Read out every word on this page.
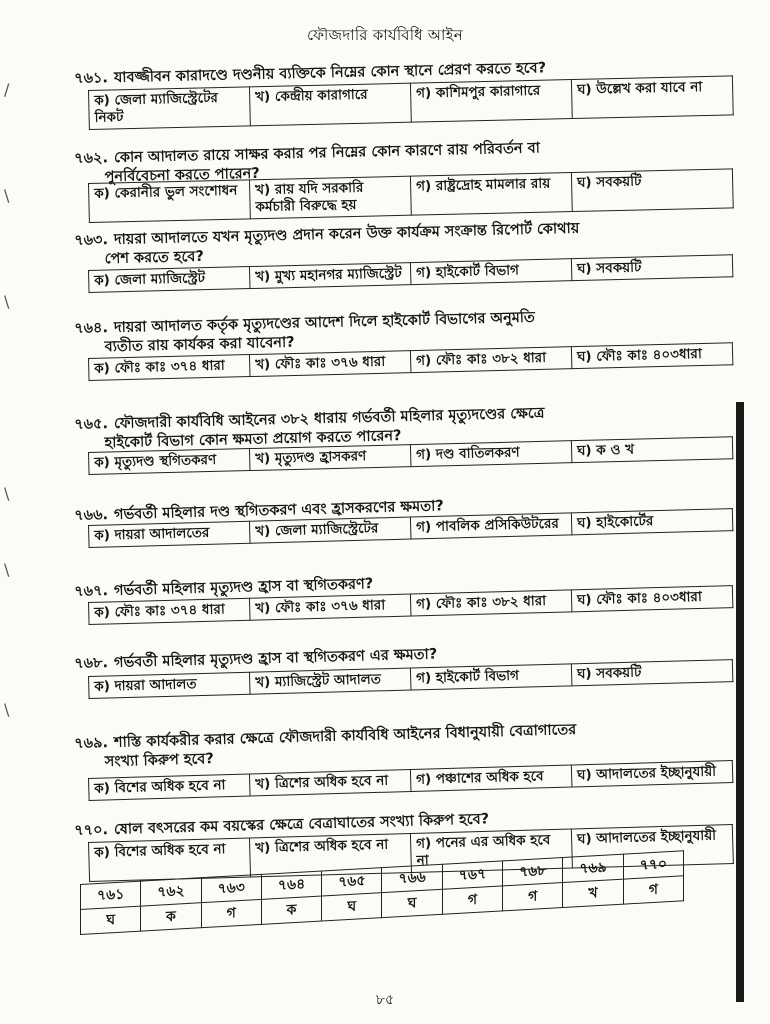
ফৌজদারি কার্যবিধি আইন
/
\
\
\
\
\
৭৬১. যাবজ্জীবন কারাদণ্ডে দণ্ডনীয় ব্যক্তিকে নিম্নের কোন স্থানে প্রেরণ করতে হবে?
ক) জেলা ম্যাজিস্ট্রেটের নিকট	খ) কেন্দ্রীয় কারাগারে	গ) কাশিমপুর কারাগারে	ঘ) উল্লেখ করা যাবে না
৭৬২. কোন আদালত রায়ে সাক্ষর করার পর নিম্নের কোন কারণে রায় পরিবর্তন বা
পুনর্বিবেচনা করতে পারেন?
ক) কেরানীর ভুল সংশোধন	খ) রায় যদি সরকারি কর্মচারী বিরুদ্ধে হয়	গ) রাষ্ট্রদ্রোহ মামলার রায়	ঘ) সবকয়টি
৭৬৩. দায়রা আদালতে যখন মৃত্যুদণ্ড প্রদান করেন উক্ত কার্যক্রম সংক্রান্ত রিপোর্ট কোথায়
পেশ করতে হবে?
ক) জেলা ম্যাজিস্ট্রেট	খ) মুখ্য মহানগর ম্যাজিস্ট্রেট	গ) হাইকোর্ট বিভাগ	ঘ) সবকয়টি
৭৬৪. দায়রা আদালত কর্তৃক মৃত্যুদণ্ডের আদেশ দিলে হাইকোর্ট বিভাগের অনুমতি
ব্যতীত রায় কার্যকর করা যাবেনা?
ক) ফৌঃ কাঃ ৩৭৪ ধারা	খ) ফৌঃ কাঃ ৩৭৬ ধারা	গ) ফৌঃ কাঃ ৩৮২ ধারা	ঘ) ফৌঃ কাঃ ৪০৩ধারা
৭৬৫. ফৌজদারী কার্যবিধি আইনের ৩৮২ ধারায় গর্ভবর্তী মহিলার মৃত্যুদণ্ডের ক্ষেত্রে
হাইকোর্ট বিভাগ কোন ক্ষমতা প্রয়োগ করতে পারেন?
ক) মৃত্যুদণ্ড স্থগিতকরণ	খ) মৃত্যুদণ্ড হ্রাসকরণ	গ) দণ্ড বাতিলকরণ	ঘ) ক ও খ
৭৬৬. গর্ভবর্তী মহিলার দণ্ড স্থগিতকরণ এবং হ্রাসকরণের ক্ষমতা?
ক) দায়রা আদালতের	খ) জেলা ম্যাজিস্ট্রেটের	গ) পাবলিক প্রসিকিউটরের	ঘ) হাইকোর্টের
৭৬৭. গর্ভবর্তী মহিলার মৃত্যুদণ্ড হ্রাস বা স্থগিতকরণ?
ক) ফৌঃ কাঃ ৩৭৪ ধারা	খ) ফৌঃ কাঃ ৩৭৬ ধারা	গ) ফৌঃ কাঃ ৩৮২ ধারা	ঘ) ফৌঃ কাঃ ৪০৩ধারা
৭৬৮. গর্ভবর্তী মহিলার মৃত্যুদণ্ড হ্রাস বা স্থগিতকরণ এর ক্ষমতা?
ক) দায়রা আদালত	খ) ম্যাজিস্ট্রেট আদালত	গ) হাইকোর্ট বিভাগ	ঘ) সবকয়টি
৭৬৯. শাস্তি কার্যকরীর করার ক্ষেত্রে ফৌজদারী কার্যবিধি আইনের বিধানুযায়ী বেত্রাগাতের
সংখ্যা কিরুপ হবে?
ক) বিশের অধিক হবে না	খ) ত্রিশের অধিক হবে না	গ) পঞ্চাশের অধিক হবে	ঘ) আদালতের ইচ্ছানুযায়ী
৭৭০. ষোল বৎসরের কম বয়স্কের ক্ষেত্রে বেত্রাঘাতের সংখ্যা কিরুপ হবে?
ক) বিশের অধিক হবে না	খ) ত্রিশের অধিক হবে না	গ) পনের এর অধিক হবে না	ঘ) আদালতের ইচ্ছানুযায়ী
৭৬১	৭৬২	৭৬৩	৭৬৪	৭৬৫	৭৬৬	৭৬৭	৭৬৮	৭৬৯	৭৭০
ঘ	ক	গ	ক	ঘ	ঘ	গ	গ	খ	গ
৮৫
